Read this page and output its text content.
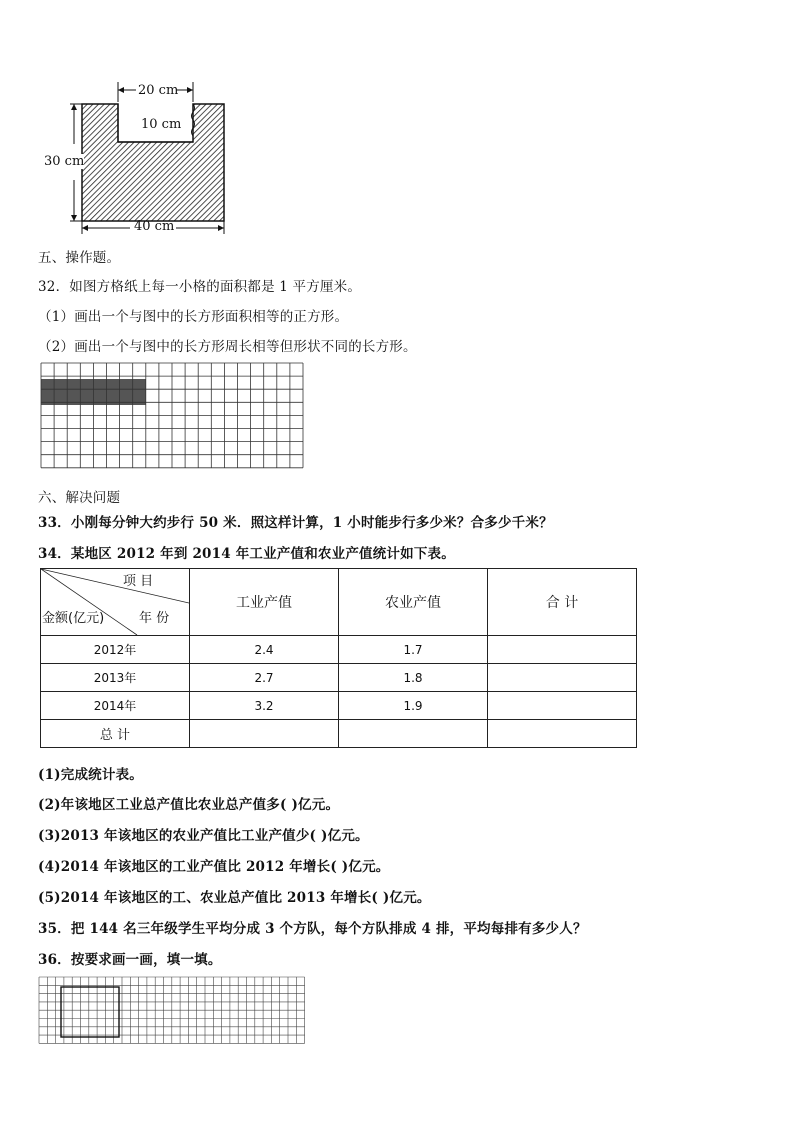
20 cm
10 cm
30 cm
40 cm
五、操作题。
32．如图方格纸上每一小格的面积都是 1 平方厘米。
（1）画出一个与图中的长方形面积相等的正方形。
（2）画出一个与图中的长方形周长相等但形状不同的长方形。
六、解决问题
33．小刚每分钟大约步行 50 米．照这样计算，1 小时能步行多少米？合多少千米？
34．某地区 2012 年到 2014 年工业产值和农业产值统计如下表。
项 目
金额(亿元) 年 份	工业产值	农业产值	合 计
2012年	2.4	1.7	
2013年	2.7	1.8	
2014年	3.2	1.9	
总 计			
(1)完成统计表。
(2)年该地区工业总产值比农业总产值多( )亿元。
(3)2013 年该地区的农业产值比工业产值少( )亿元。
(4)2014 年该地区的工业产值比 2012 年增长( )亿元。
(5)2014 年该地区的工、农业总产值比 2013 年增长( )亿元。
35．把 144 名三年级学生平均分成 3 个方队，每个方队排成 4 排，平均每排有多少人？
36．按要求画一画，填一填。
